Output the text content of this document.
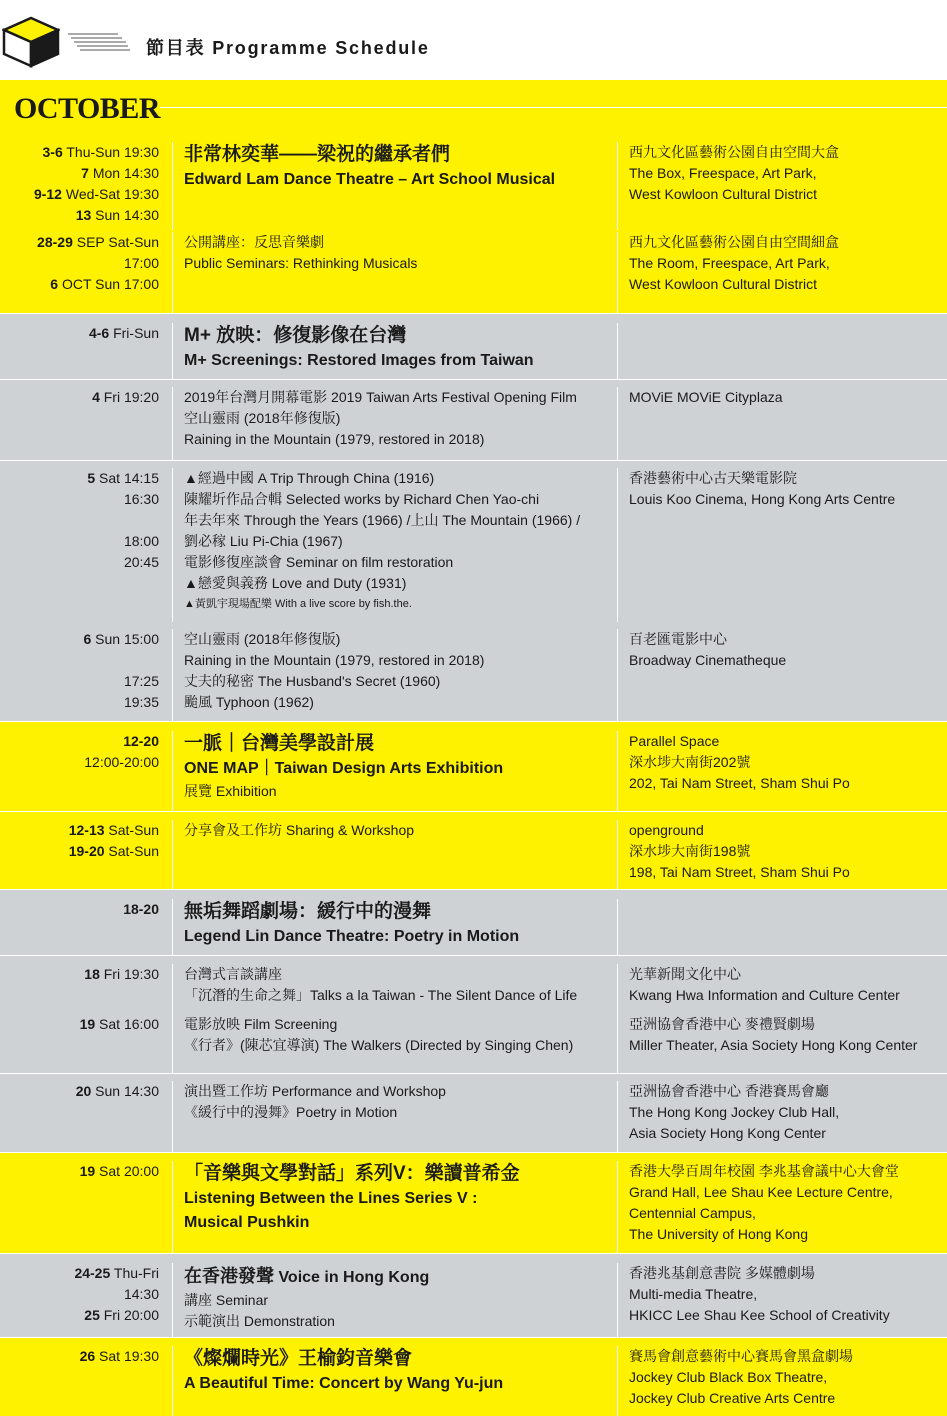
節目表 Programme Schedule
OCTOBER
3-6 Thu-Sun 19:30
7 Mon 14:30
9-12 Wed-Sat 19:30
13 Sun 14:30
非常林奕華——梁祝的繼承者們
Edward Lam Dance Theatre – Art School Musical
西九文化區藝術公園自由空間大盒
The Box, Freespace, Art Park,
West Kowloon Cultural District
28-29 SEP Sat-Sun
17:00
6 OCT Sun 17:00
公開講座：反思音樂劇
Public Seminars: Rethinking Musicals
西九文化區藝術公園自由空間細盒
The Room, Freespace, Art Park,
West Kowloon Cultural District
4-6 Fri-Sun M+ 放映：修復影像在台灣
M+ Screenings: Restored Images from Taiwan
4 Fri 19:20 2019年台灣月開幕電影 2019 Taiwan Arts Festival Opening Film
空山靈雨 (2018年修復版)
Raining in the Mountain (1979, restored in 2018)
MOViE MOViE Cityplaza
5 Sat 14:15
16:30
18:00
20:45
▲經過中國 A Trip Through China (1916)
陳耀圻作品合輯 Selected works by Richard Chen Yao-chi
年去年來 Through the Years (1966) /上山 The Mountain (1966) /
劉必稼 Liu Pi-Chia (1967)
電影修復座談會 Seminar on film restoration
▲戀愛與義務 Love and Duty (1931)
▲黃凱宇現場配樂 With a live score by fish.the.
香港藝術中心古天樂電影院
Louis Koo Cinema, Hong Kong Arts Centre
6 Sun 15:00
17:25
19:35
空山靈雨 (2018年修復版)
Raining in the Mountain (1979, restored in 2018)
丈夫的秘密 The Husband's Secret (1960)
颱風 Typhoon (1962)
百老匯電影中心
Broadway Cinematheque
12-20
12:00-20:00
一脈｜台灣美學設計展
ONE MAP｜Taiwan Design Arts Exhibition
展覽 Exhibition
Parallel Space
深水埗大南街202號
202, Tai Nam Street, Sham Shui Po
12-13 Sat-Sun
19-20 Sat-Sun
分享會及工作坊 Sharing & Workshop	openground
深水埗大南街198號
198, Tai Nam Street, Sham Shui Po
18-20 無垢舞蹈劇場：緩行中的漫舞
Legend Lin Dance Theatre: Poetry in Motion
18 Fri 19:30 台灣式言談講座
「沉潛的生命之舞」Talks a la Taiwan - The Silent Dance of Life
光華新聞文化中心
Kwang Hwa Information and Culture Center
19 Sat 16:00 電影放映 Film Screening
《行者》(陳芯宜導演) The Walkers (Directed by Singing Chen)
亞洲協會香港中心 麥禮賢劇場
Miller Theater, Asia Society Hong Kong Center
20 Sun 14:30 演出暨工作坊 Performance and Workshop
《緩行中的漫舞》Poetry in Motion
亞洲協會香港中心 香港賽馬會廳
The Hong Kong Jockey Club Hall,
Asia Society Hong Kong Center
19 Sat 20:00 「音樂與文學對話」系列V：樂讀普希金
Listening Between the Lines Series V :
Musical Pushkin
香港大學百周年校園 李兆基會議中心大會堂
Grand Hall, Lee Shau Kee Lecture Centre,
Centennial Campus,
The University of Hong Kong
24-25 Thu-Fri
14:30
25 Fri 20:00
在香港發聲 Voice in Hong Kong
講座 Seminar
示範演出 Demonstration
香港兆基創意書院 多媒體劇場
Multi-media Theatre,
HKICC Lee Shau Kee School of Creativity
26 Sat 19:30 《燦爛時光》王榆鈞音樂會
A Beautiful Time: Concert by Wang Yu-jun
賽馬會創意藝術中心賽馬會黑盒劇場
Jockey Club Black Box Theatre,
Jockey Club Creative Arts Centre
